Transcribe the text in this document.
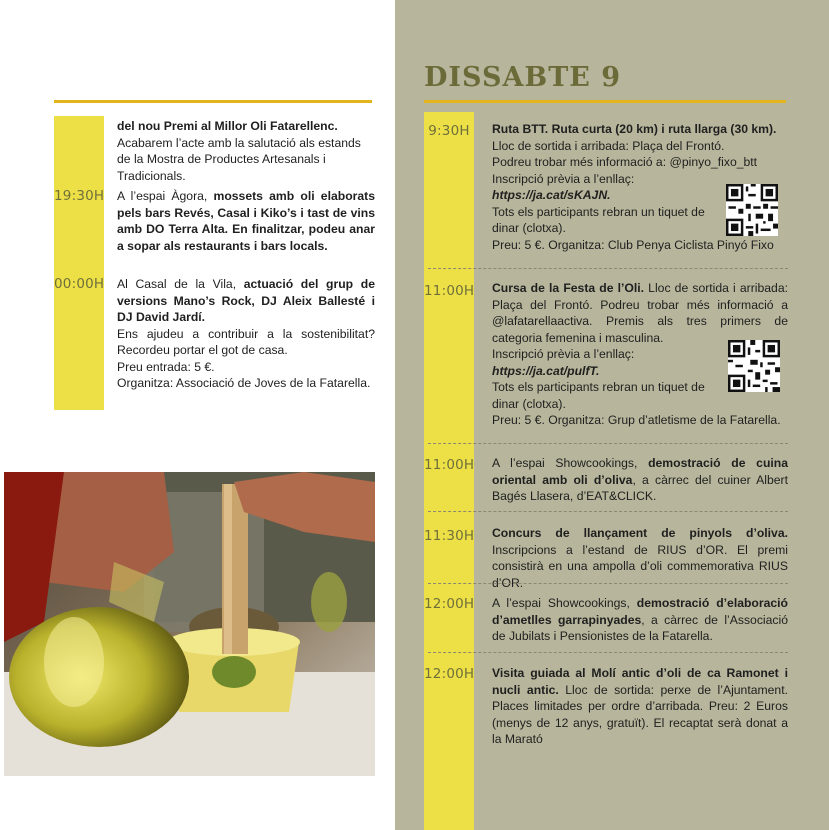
del nou Premi al Millor Oli Fatarellenc.
Acabarem l’acte amb la salutació als estands de la Mostra de Productes Artesanals i Tradicionals.
19:30H A l’espai Àgora, mossets amb oli elaborats pels bars Revés, Casal i Kiko’s i tast de vins amb DO Terra Alta. En finalitzar, podeu anar a sopar als restaurants i bars locals.
00:00H Al Casal de la Vila, actuació del grup de versions Mano’s Rock, DJ Aleix Ballesté i DJ David Jardí.
Ens ajudeu a contribuir a la sostenibilitat? Recordeu portar el got de casa.
Preu entrada: 5 €.
Organitza: Associació de Joves de la Fatarella.
DISSABTE 9
9:30H	Ruta BTT. Ruta curta (20 km) i ruta llarga (30 km).
Lloc de sortida i arribada: Plaça del Frontó.
Podreu trobar més informació a: @pinyo_fixo_btt
Inscripció prèvia a l’enllaç:
https://ja.cat/sKAJN.
Tots els participants rebran un tiquet de dinar (clotxa).
Preu: 5 €. Organitza: Club Penya Ciclista Pinyó Fixo
11:00H Cursa de la Festa de l’Oli. Lloc de sortida i arribada: Plaça del Frontó. Podreu trobar més informació a @lafatarellaactiva. Premis als tres primers de categoria femenina i masculina.
Inscripció prèvia a l’enllaç:
https://ja.cat/pulfT.
Tots els participants rebran un tiquet de dinar (clotxa).
Preu: 5 €. Organitza: Grup d’atletisme de la Fatarella.
11:00H A l’espai Showcookings, demostració de cuina oriental amb oli d’oliva, a càrrec del cuiner Albert Bagés Llasera, d’EAT&CLICK.
11:30H Concurs de llançament de pinyols d’oliva. Inscripcions a l’estand de RIUS d’OR. El premi consistirà en una ampolla d’oli commemorativa RIUS d’OR.
12:00H A l’espai Showcookings, demostració d’elaboració d’ametlles garrapinyades, a càrrec de l’Associació de Jubilats i Pensionistes de la Fatarella.
12:00H Visita guiada al Molí antic d’oli de ca Ramonet i nucli antic. Lloc de sortida: perxe de l’Ajuntament. Places limitades per ordre d’arribada. Preu: 2 Euros (menys de 12 anys, gratuït). El recaptat serà donat a la Marató
